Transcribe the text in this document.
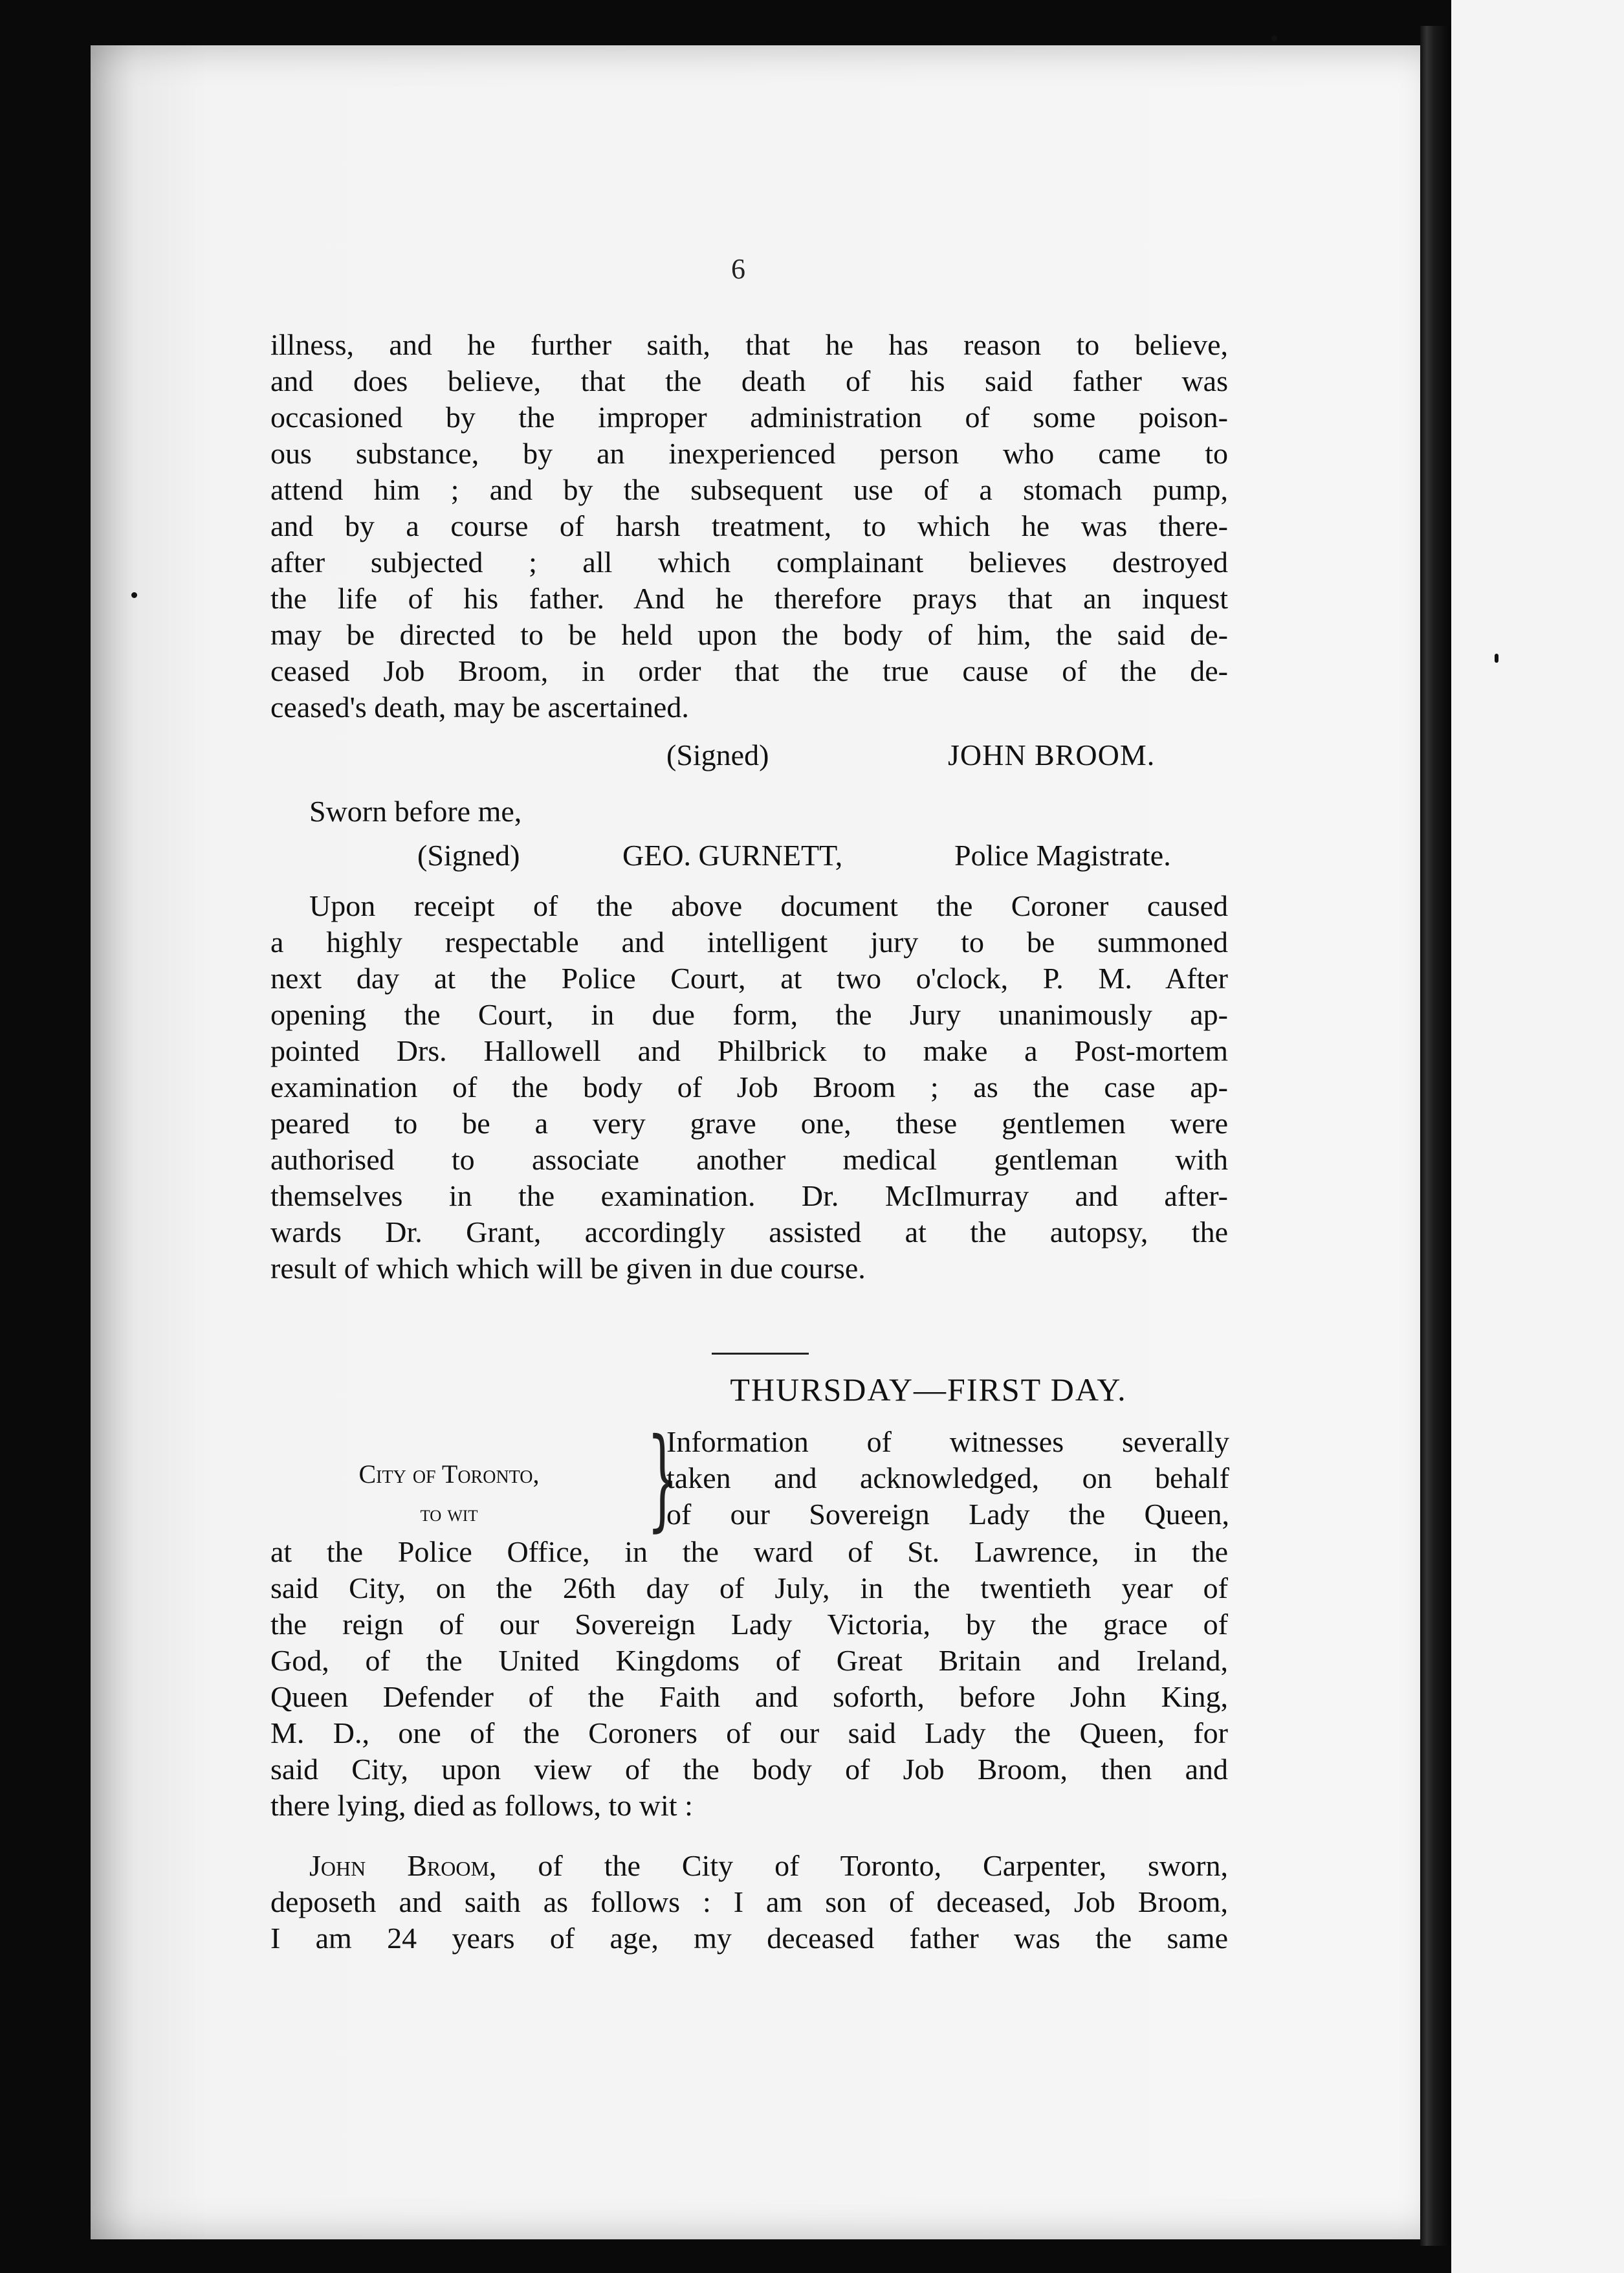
6
illness, and he further saith, that he has reason to believe,
and does believe, that the death of his said father was
occasioned by the improper administration of some poison-
ous substance, by an inexperienced person who came to
attend him ; and by the subsequent use of a stomach pump,
and by a course of harsh treatment, to which he was there-
after subjected ; all which complainant believes destroyed
the life of his father. And he therefore prays that an inquest
may be directed to be held upon the body of him, the said de-
ceased Job Broom, in order that the true cause of the de-
ceased's death, may be ascertained.
(Signed)	JOHN BROOM.
Sworn before me,
(Signed)	GEO. GURNETT,	Police Magistrate.
Upon receipt of the above document the Coroner caused
a highly respectable and intelligent jury to be summoned
next day at the Police Court, at two o'clock, P. M. After
opening the Court, in due form, the Jury unanimously ap-
pointed Drs. Hallowell and Philbrick to make a Post-mortem
examination of the body of Job Broom ; as the case ap-
peared to be a very grave one, these gentlemen were
authorised to associate another medical gentleman with
themselves in the examination. Dr. McIlmurray and after-
wards Dr. Grant, accordingly assisted at the autopsy, the
result of which which will be given in due course.
THURSDAY—FIRST DAY.
City of Toronto,
to wit	}
Information of witnesses severally
taken and acknowledged, on behalf
of our Sovereign Lady the Queen,
at the Police Office, in the ward of St. Lawrence, in the
said City, on the 26th day of July, in the twentieth year of
the reign of our Sovereign Lady Victoria, by the grace of
God, of the United Kingdoms of Great Britain and Ireland,
Queen Defender of the Faith and soforth, before John King,
M. D., one of the Coroners of our said Lady the Queen, for
said City, upon view of the body of Job Broom, then and
there lying, died as follows, to wit :
John Broom, of the City of Toronto, Carpenter, sworn,
deposeth and saith as follows : I am son of deceased, Job Broom,
I am 24 years of age, my deceased father was the same
